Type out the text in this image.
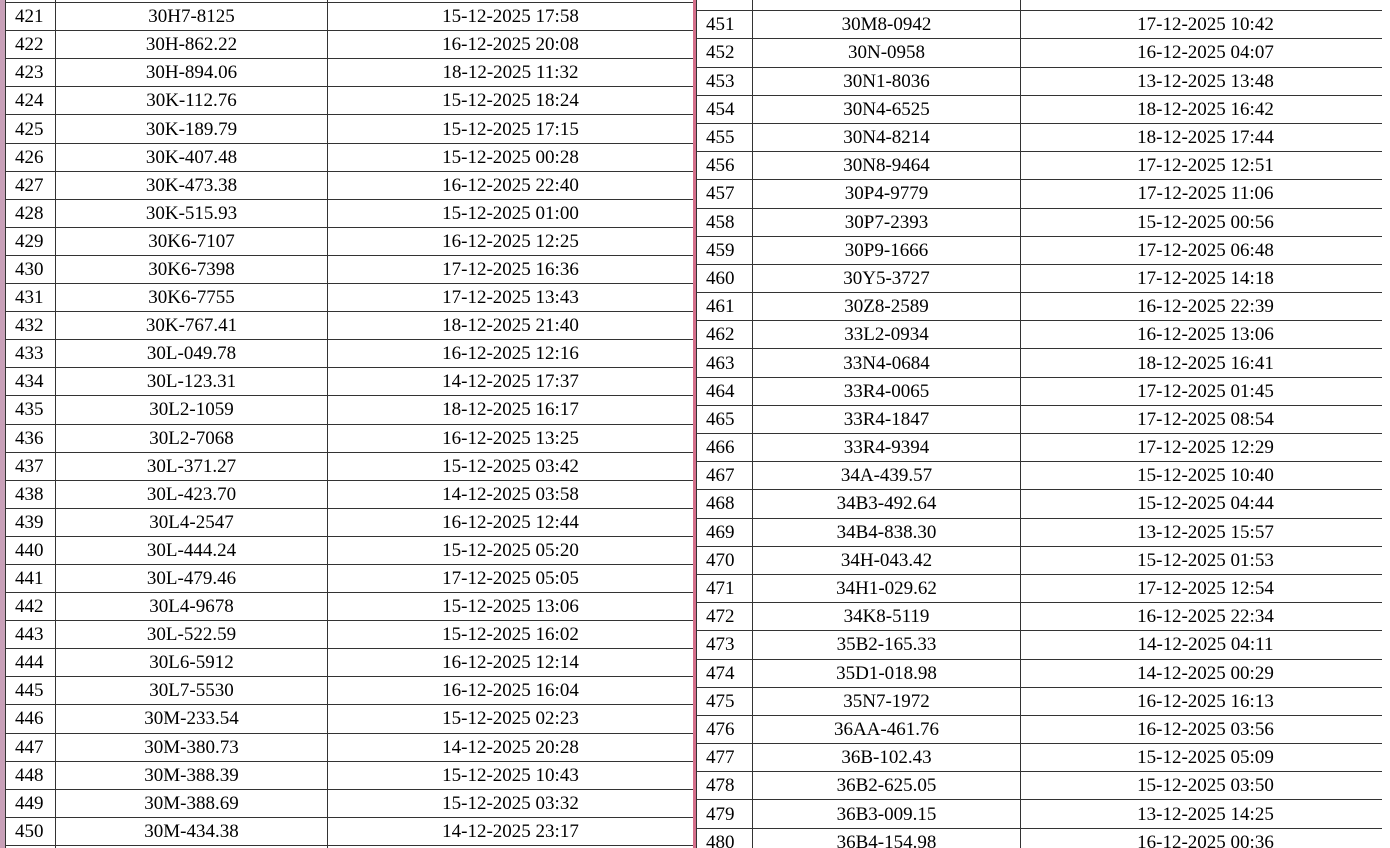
421	30H7-8125	15-12-2025 17:58
422	30H-862.22	16-12-2025 20:08
423	30H-894.06	18-12-2025 11:32
424	30K-112.76	15-12-2025 18:24
425	30K-189.79	15-12-2025 17:15
426	30K-407.48	15-12-2025 00:28
427	30K-473.38	16-12-2025 22:40
428	30K-515.93	15-12-2025 01:00
429	30K6-7107	16-12-2025 12:25
430	30K6-7398	17-12-2025 16:36
431	30K6-7755	17-12-2025 13:43
432	30K-767.41	18-12-2025 21:40
433	30L-049.78	16-12-2025 12:16
434	30L-123.31	14-12-2025 17:37
435	30L2-1059	18-12-2025 16:17
436	30L2-7068	16-12-2025 13:25
437	30L-371.27	15-12-2025 03:42
438	30L-423.70	14-12-2025 03:58
439	30L4-2547	16-12-2025 12:44
440	30L-444.24	15-12-2025 05:20
441	30L-479.46	17-12-2025 05:05
442	30L4-9678	15-12-2025 13:06
443	30L-522.59	15-12-2025 16:02
444	30L6-5912	16-12-2025 12:14
445	30L7-5530	16-12-2025 16:04
446	30M-233.54	15-12-2025 02:23
447	30M-380.73	14-12-2025 20:28
448	30M-388.39	15-12-2025 10:43
449	30M-388.69	15-12-2025 03:32
450	30M-434.38	14-12-2025 23:17

451	30M8-0942	17-12-2025 10:42
452	30N-0958	16-12-2025 04:07
453	30N1-8036	13-12-2025 13:48
454	30N4-6525	18-12-2025 16:42
455	30N4-8214	18-12-2025 17:44
456	30N8-9464	17-12-2025 12:51
457	30P4-9779	17-12-2025 11:06
458	30P7-2393	15-12-2025 00:56
459	30P9-1666	17-12-2025 06:48
460	30Y5-3727	17-12-2025 14:18
461	30Z8-2589	16-12-2025 22:39
462	33L2-0934	16-12-2025 13:06
463	33N4-0684	18-12-2025 16:41
464	33R4-0065	17-12-2025 01:45
465	33R4-1847	17-12-2025 08:54
466	33R4-9394	17-12-2025 12:29
467	34A-439.57	15-12-2025 10:40
468	34B3-492.64	15-12-2025 04:44
469	34B4-838.30	13-12-2025 15:57
470	34H-043.42	15-12-2025 01:53
471	34H1-029.62	17-12-2025 12:54
472	34K8-5119	16-12-2025 22:34
473	35B2-165.33	14-12-2025 04:11
474	35D1-018.98	14-12-2025 00:29
475	35N7-1972	16-12-2025 16:13
476	36AA-461.76	16-12-2025 03:56
477	36B-102.43	15-12-2025 05:09
478	36B2-625.05	15-12-2025 03:50
479	36B3-009.15	13-12-2025 14:25
480	36B4-154.98	16-12-2025 00:36
